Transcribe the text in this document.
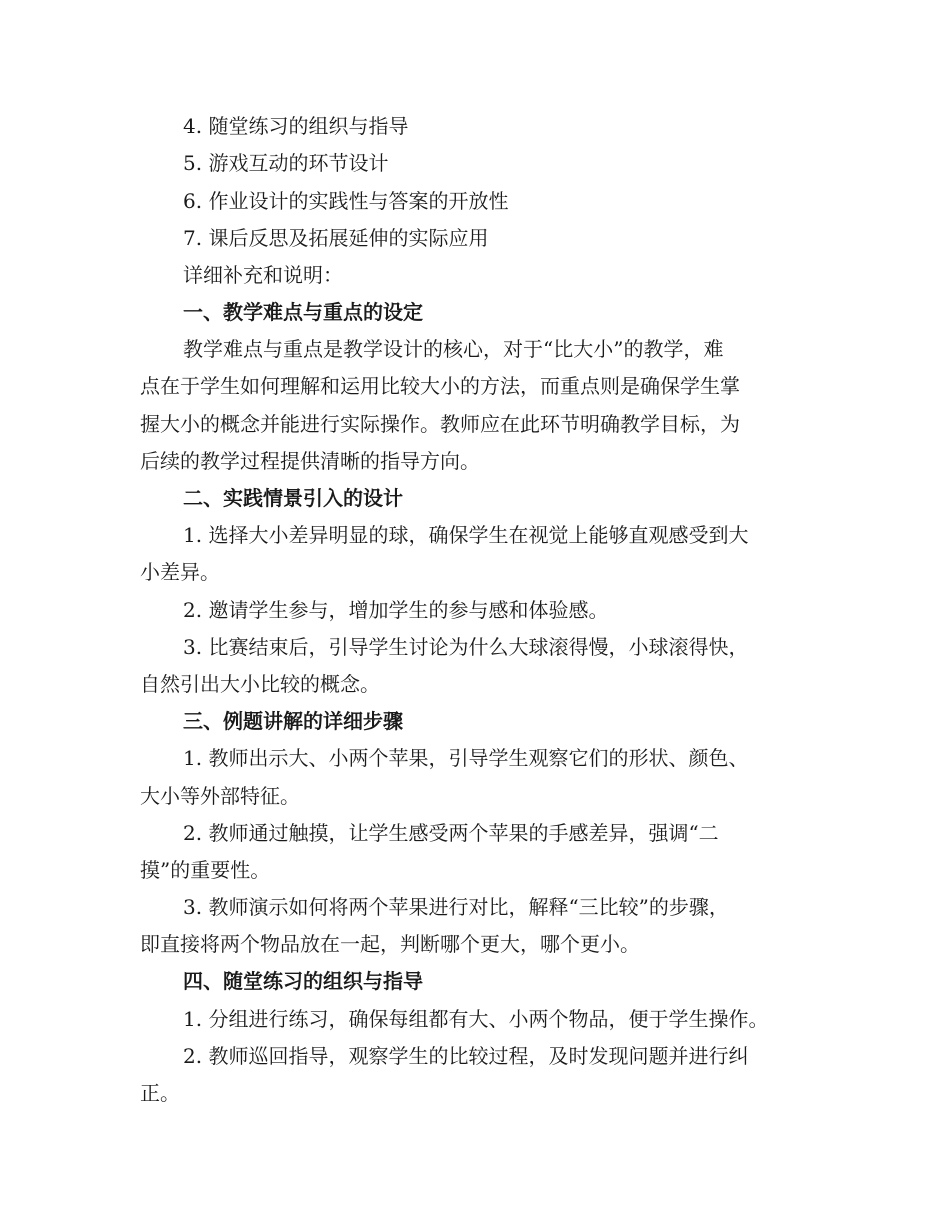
4. 随堂练习的组织与指导
5. 游戏互动的环节设计
6. 作业设计的实践性与答案的开放性
7. 课后反思及拓展延伸的实际应用
详细补充和说明：
一、教学难点与重点的设定
教学难点与重点是教学设计的核心，对于“比大小”的教学，难
点在于学生如何理解和运用比较大小的方法，而重点则是确保学生掌
握大小的概念并能进行实际操作。教师应在此环节明确教学目标，为
后续的教学过程提供清晰的指导方向。
二、实践情景引入的设计
1. 选择大小差异明显的球，确保学生在视觉上能够直观感受到大
小差异。
2. 邀请学生参与，增加学生的参与感和体验感。
3. 比赛结束后，引导学生讨论为什么大球滚得慢，小球滚得快，
自然引出大小比较的概念。
三、例题讲解的详细步骤
1. 教师出示大、小两个苹果，引导学生观察它们的形状、颜色、
大小等外部特征。
2. 教师通过触摸，让学生感受两个苹果的手感差异，强调“二
摸”的重要性。
3. 教师演示如何将两个苹果进行对比，解释“三比较”的步骤，
即直接将两个物品放在一起，判断哪个更大，哪个更小。
四、随堂练习的组织与指导
1. 分组进行练习，确保每组都有大、小两个物品，便于学生操作。
2. 教师巡回指导，观察学生的比较过程，及时发现问题并进行纠
正。
